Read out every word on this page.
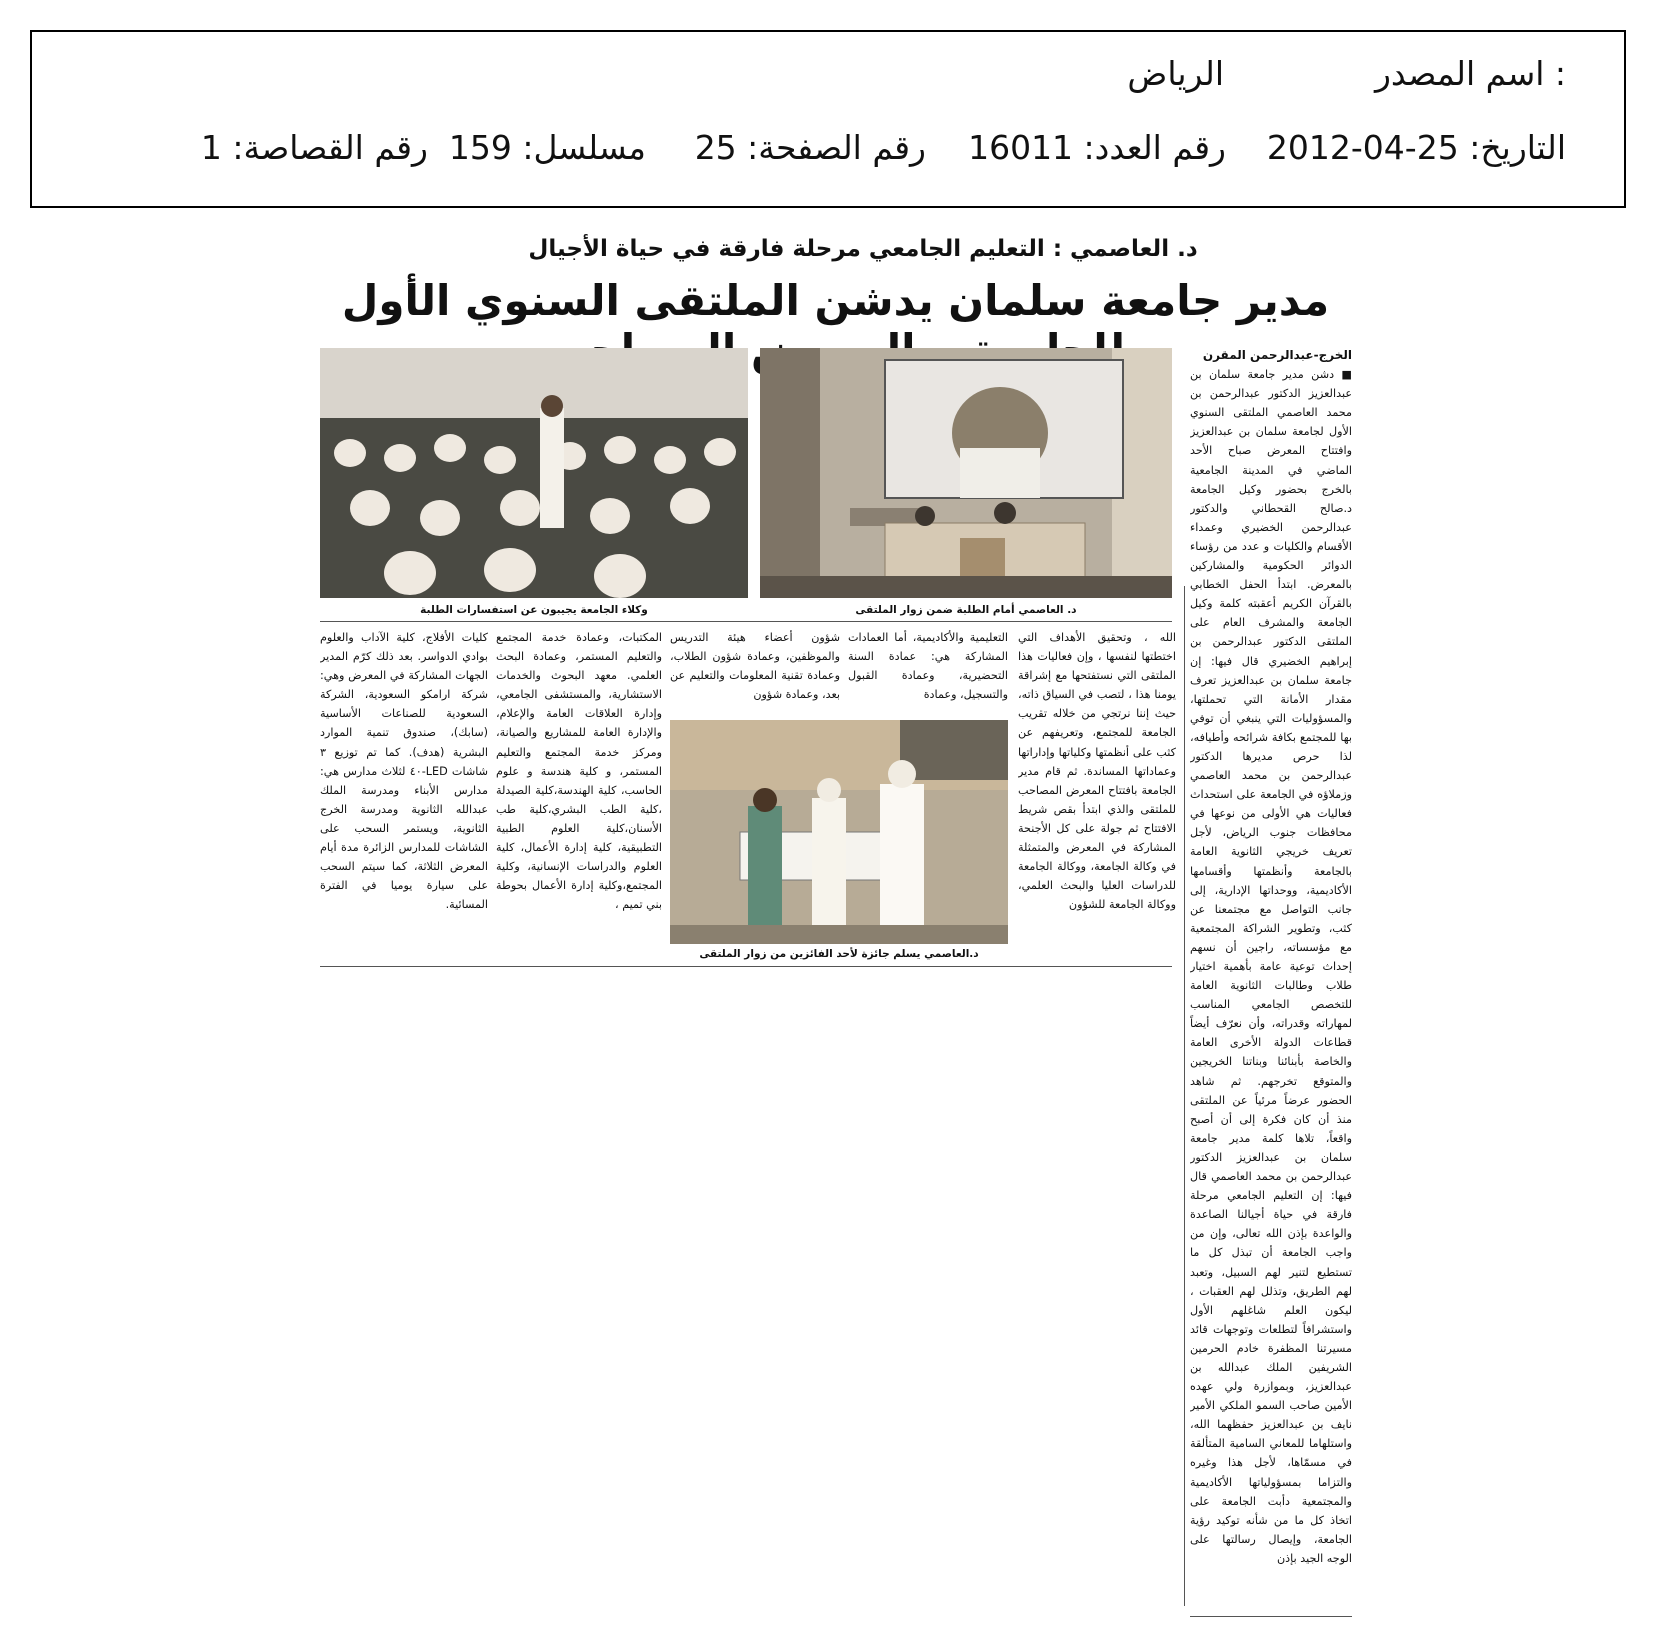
اسم المصدر :
الرياض
التاريخ: 25-04-2012
رقم العدد: 16011
رقم الصفحة: 25
مسلسل: 159
رقم القصاصة: 1
د. العاصمي : التعليم الجامعي مرحلة فارقة في حياة الأجيال
مدير جامعة سلمان يدشن الملتقى السنوي الأول

الخرج-عبدالرحمن المقرن

■ دشن مدير جامعة سلمان بن عبدالعزيز الدكتور عبدالرحمن بن محمد العاصمي الملتقى السنوي الأول لجامعة سلمان بن عبدالعزيز وافتتاح المعرض صباح الأحد الماضي في المدينة الجامعية بالخرج بحضور وكيل الجامعة د.صالح القحطاني والدكتور عبدالرحمن الخضيري وعمداء الأقسام والكليات و عدد من رؤساء الدوائر الحكومية والمشاركين بالمعرض. ابتدأ الحفل الخطابي بالقرآن الكريم أعقبته كلمة وكيل الجامعة والمشرف العام على الملتقى الدكتور عبدالرحمن بن إبراهيم الخضيري قال فيها: إن جامعة سلمان بن عبدالعزيز تعرف مقدار الأمانة التي تحملتها، والمسؤوليات التي ينبغي أن توفي بها للمجتمع بكافة شرائحه وأطيافه، لذا حرص مديرها الدكتور عبدالرحمن بن محمد العاصمي وزملاؤه في الجامعة على استحداث فعاليات هي الأولى من نوعها في محافظات جنوب الرياض، لأجل تعريف خريجي الثانوية العامة بالجامعة وأنظمتها وأقسامها الأكاديمية، ووحداتها الإدارية، إلى جانب التواصل مع مجتمعنا عن كثب، وتطوير الشراكة المجتمعية مع مؤسساته، راجين أن نسهم إحداث توعية عامة بأهمية اختيار طلاب وطالبات الثانوية العامة للتخصص الجامعي المناسب لمهاراته وقدراته، وأن نعرّف أيضاً قطاعات الدولة الأخرى العامة والخاصة بأبنائنا وبناتنا الخريجين والمتوقع تخرجهم. ثم شاهد الحضور عرضاً مرئياً عن الملتقى منذ أن كان فكرة إلى أن أصبح واقعاً، تلاها كلمة مدير جامعة سلمان بن عبدالعزيز الدكتور عبدالرحمن بن محمد العاصمي قال فيها: إن التعليم الجامعي مرحلة فارقة في حياة أجيالنا الصاعدة والواعدة بإذن الله تعالى، وإن من واجب الجامعة أن تبذل كل ما تستطيع لتنير لهم السبيل، وتعبد لهم الطريق، وتذلل لهم العقبات ، ليكون العلم شاغلهم الأول واستشرافاً لتطلعات وتوجهات قائد مسيرتنا المظفرة خادم الحرمين الشريفين الملك عبدالله بن عبدالعزيز، وبموازرة ولي عهده الأمين صاحب السمو الملكي الأمير نايف بن عبدالعزيز حفظهما الله، واستلهاما للمعاني السامية المتألقة في مسمّاها، لأجل هذا وغيره والتزاما بمسؤولياتها الأكاديمية والمجتمعية دأبت الجامعة على اتخاذ كل ما من شأنه توكيد رؤية الجامعة، وإيصال رسالتها على الوجه الجيد بإذن

د. العاصمي أمام الطلبة ضمن زوار الملتقى
وكلاء الجامعة يجيبون عن استفسارات الطلبة

الله ، وتحقيق الأهداف التي اختطتها لنفسها ، وإن فعاليات هذا الملتقى التي نستفتحها مع إشراقة يومنا هذا ، لتصب في السياق ذاته، حيث إننا نرتجي من خلاله تقريب الجامعة للمجتمع، وتعريفهم عن كثب على أنظمتها وكلياتها وإداراتها وعماداتها المساندة. ثم قام مدير الجامعة بافتتاح المعرض المصاحب للملتقى والذي ابتدأ بقص شريط الافتتاح ثم جولة على كل الأجنحة المشاركة في المعرض والمتمثلة في وكالة الجامعة، ووكالة الجامعة للدراسات العليا والبحث العلمي، ووكالة الجامعة للشؤون

التعليمية والأكاديمية، أما العمادات المشاركة هي: عمادة السنة التحضيرية، وعمادة القبول والتسجيل، وعمادة

شؤون أعضاء هيئة التدريس والموظفين، وعمادة شؤون الطلاب، وعمادة تقنية المعلومات والتعليم عن بعد، وعمادة شؤون

المكتبات، وعمادة خدمة المجتمع والتعليم المستمر، وعمادة البحث العلمي. معهد البحوث والخدمات الاستشارية، والمستشفى الجامعي، وإدارة العلاقات العامة والإعلام، والإدارة العامة للمشاريع والصيانة، ومركز خدمة المجتمع والتعليم المستمر، و كلية هندسة و علوم الحاسب، كلية الهندسة،كلية الصيدلة ،كلية الطب البشري،كلية طب الأسنان،كلية العلوم الطبية التطبيقية، كلية إدارة الأعمال، كلية العلوم والدراسات الإنسانية، وكلية المجتمع،وكلية إدارة الأعمال بحوطة بني تميم ،

كليات الأفلاج، كلية الآداب والعلوم بوادي الدواسر. بعد ذلك كرّم المدير الجهات المشاركة في المعرض وهي: شركة ارامكو السعودية، الشركة السعودية للصناعات الأساسية (سابك)، صندوق تنمية الموارد البشرية (هدف). كما تم توزيع ٣ شاشات LED-٤٠ لثلاث مدارس هي: مدارس الأبناء ومدرسة الملك عبدالله الثانوية ومدرسة الخرج الثانوية، ويستمر السحب على الشاشات للمدارس الزائرة مدة أيام المعرض الثلاثة، كما سيتم السحب على سيارة يوميا في الفترة المسائية.

د.العاصمي يسلم جائزة لأحد الفائزين من زوار الملتقى
